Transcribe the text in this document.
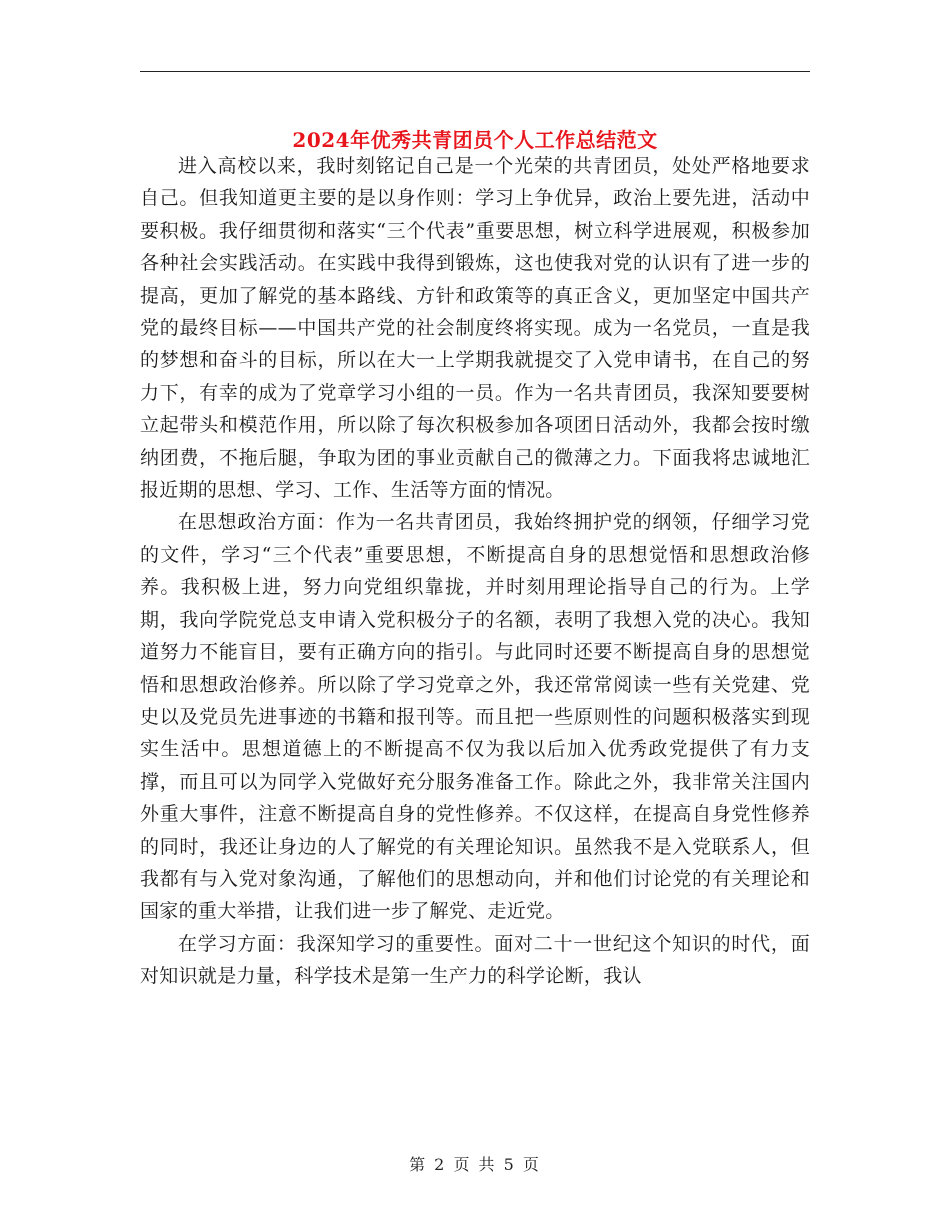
2024年优秀共青团员个人工作总结范文

进入高校以来，我时刻铭记自己是一个光荣的共青团员，处处严格地要求自己。但我知道更主要的是以身作则：学习上争优异，政治上要先进，活动中要积极。我仔细贯彻和落实“三个代表”重要思想，树立科学进展观，积极参加各种社会实践活动。在实践中我得到锻炼，这也使我对党的认识有了进一步的提高，更加了解党的基本路线、方针和政策等的真正含义，更加坚定中国共产党的最终目标——中国共产党的社会制度终将实现。成为一名党员，一直是我的梦想和奋斗的目标，所以在大一上学期我就提交了入党申请书，在自己的努力下，有幸的成为了党章学习小组的一员。作为一名共青团员，我深知要要树立起带头和模范作用，所以除了每次积极参加各项团日活动外，我都会按时缴纳团费，不拖后腿，争取为团的事业贡献自己的微薄之力。下面我将忠诚地汇报近期的思想、学习、工作、生活等方面的情况。

在思想政治方面：作为一名共青团员，我始终拥护党的纲领，仔细学习党的文件，学习“三个代表”重要思想，不断提高自身的思想觉悟和思想政治修养。我积极上进，努力向党组织靠拢，并时刻用理论指导自己的行为。上学期，我向学院党总支申请入党积极分子的名额，表明了我想入党的决心。我知道努力不能盲目，要有正确方向的指引。与此同时还要不断提高自身的思想觉悟和思想政治修养。所以除了学习党章之外，我还常常阅读一些有关党建、党史以及党员先进事迹的书籍和报刊等。而且把一些原则性的问题积极落实到现实生活中。思想道德上的不断提高不仅为我以后加入优秀政党提供了有力支撑，而且可以为同学入党做好充分服务准备工作。除此之外，我非常关注国内外重大事件，注意不断提高自身的党性修养。不仅这样，在提高自身党性修养的同时，我还让身边的人了解党的有关理论知识。虽然我不是入党联系人，但我都有与入党对象沟通，了解他们的思想动向，并和他们讨论党的有关理论和国家的重大举措，让我们进一步了解党、走近党。

在学习方面：我深知学习的重要性。面对二十一世纪这个知识的时代，面对知识就是力量，科学技术是第一生产力的科学论断，我认

第 2 页 共 5 页
